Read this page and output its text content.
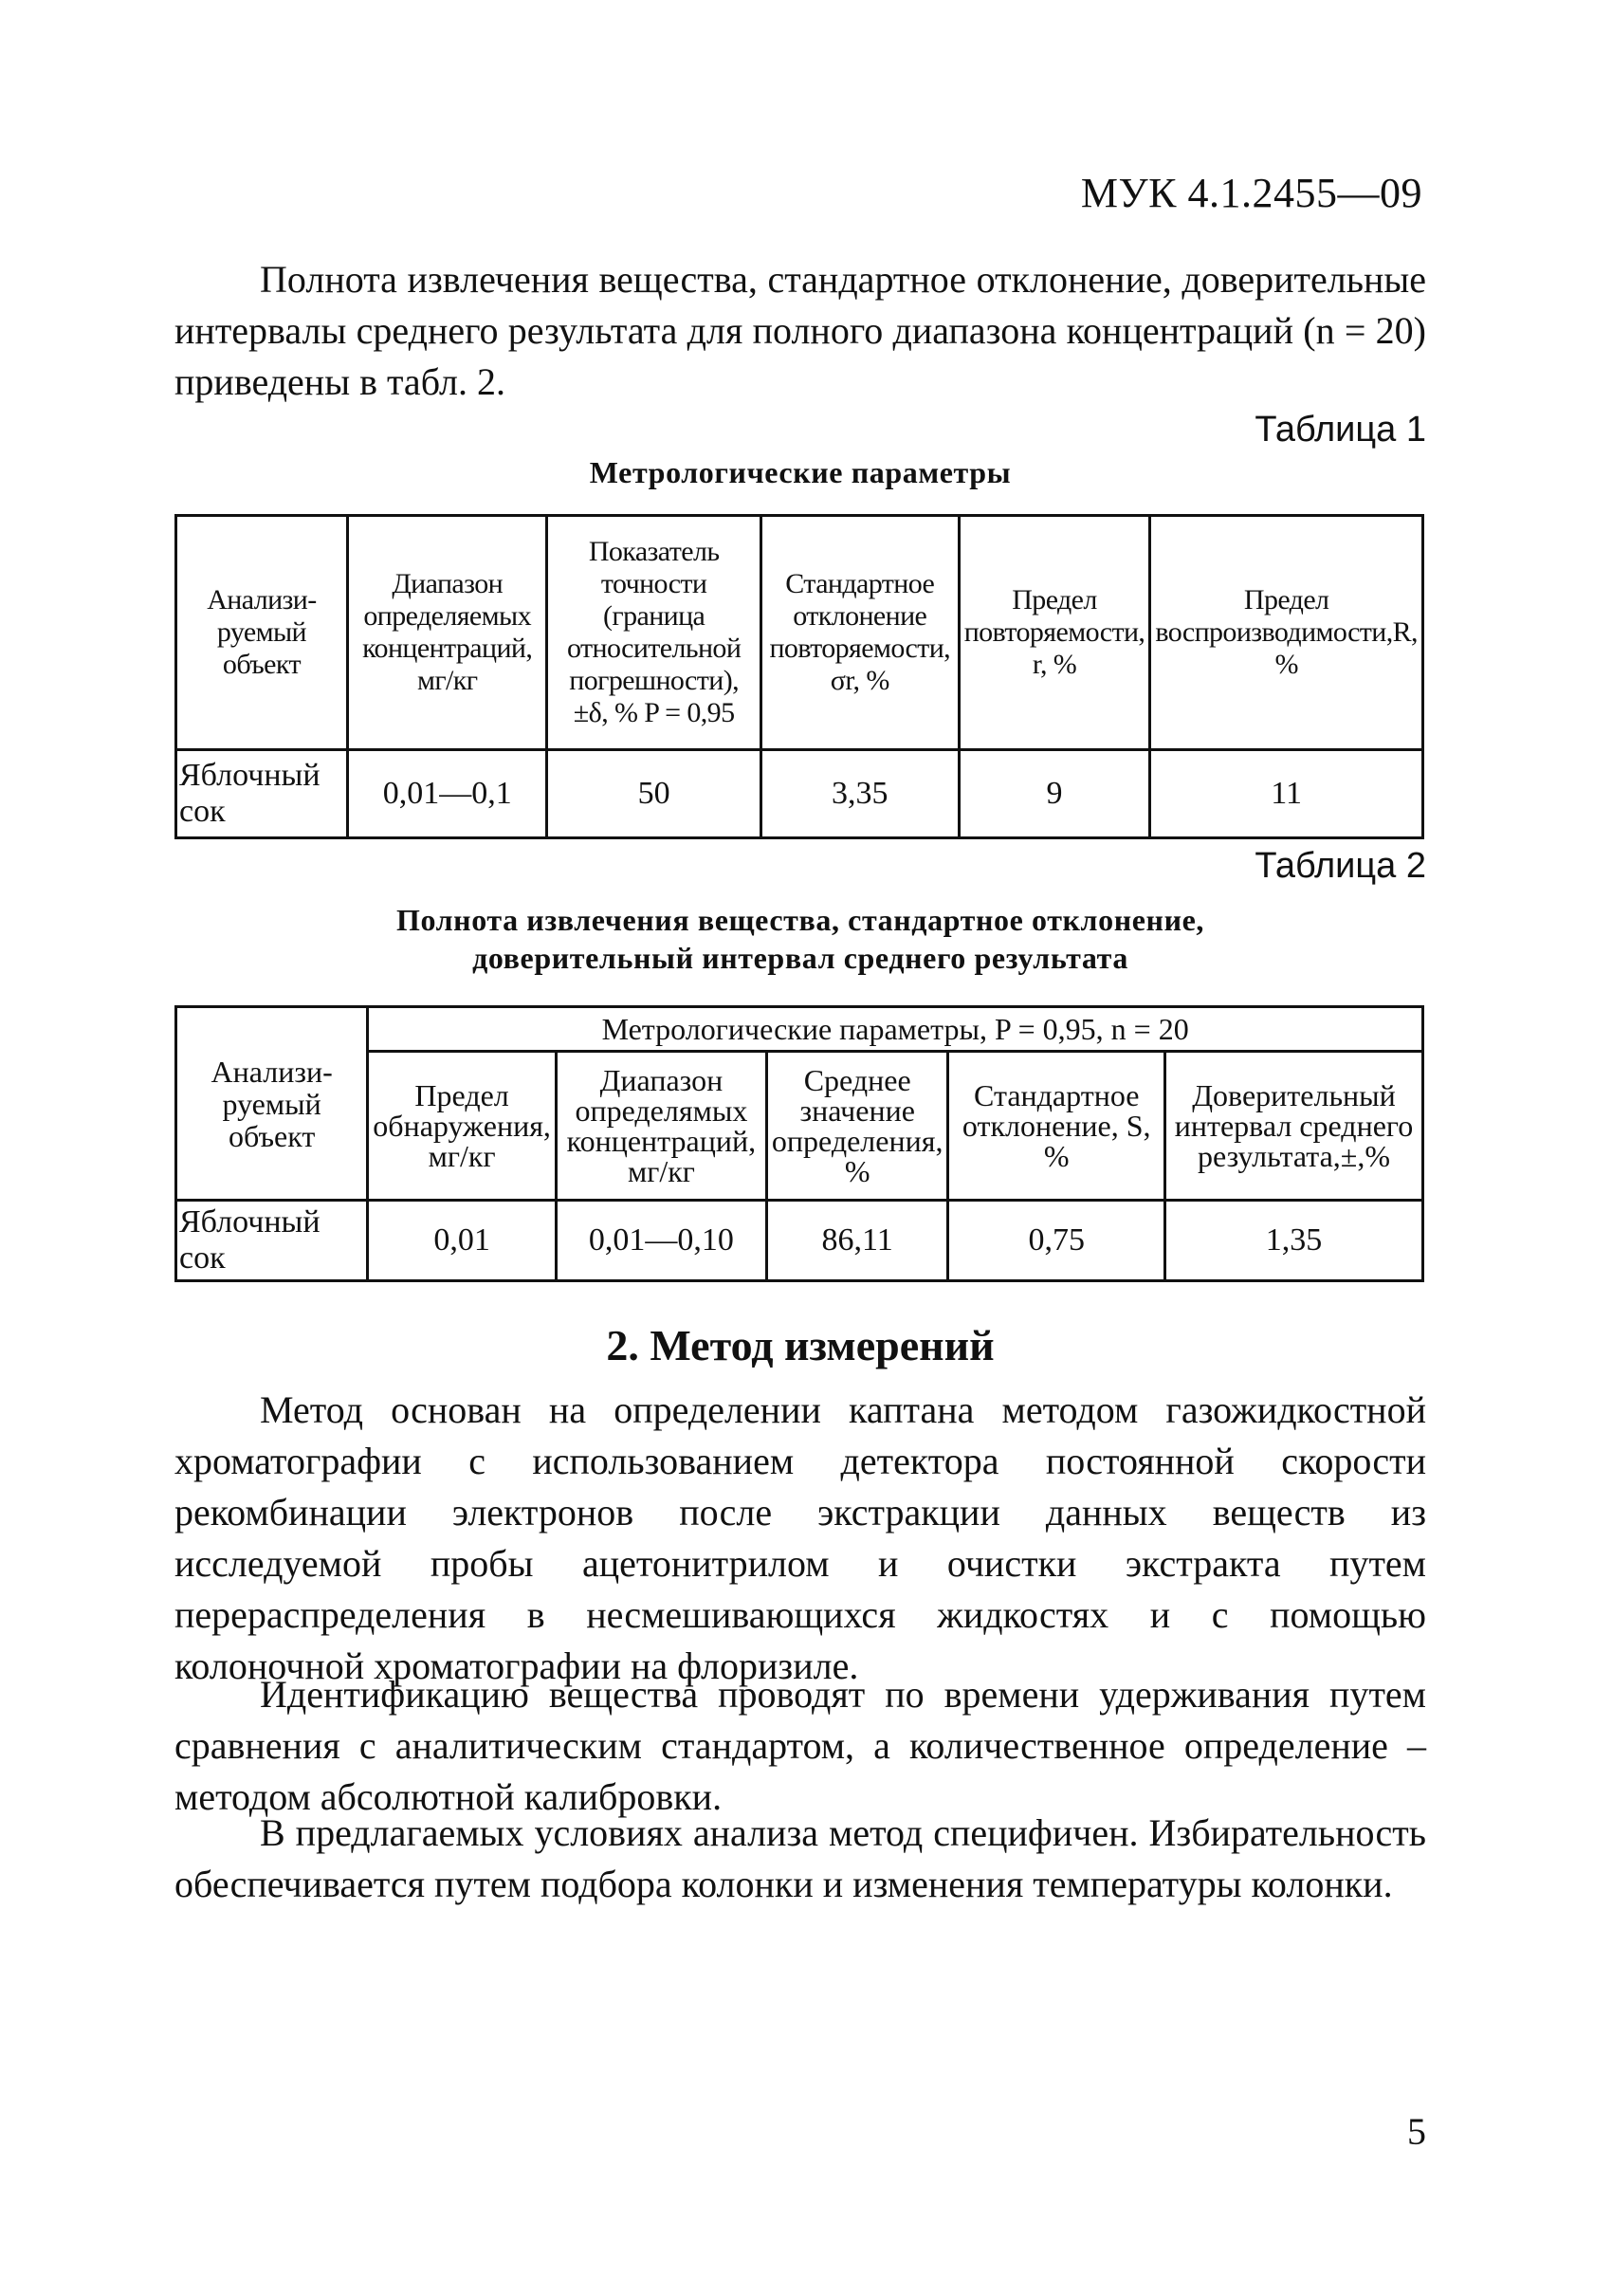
МУК 4.1.2455—09

Полнота извлечения вещества, стандартное отклонение, доверительные интервалы среднего результата для полного диапазона концентраций (n = 20) приведены в табл. 2.

Таблица 1
Метрологические параметры
Анализи-руемый объект	Диапазон определяемых концентраций, мг/кг	Показатель точности (граница относительной погрешности), ±δ, % P = 0,95	Стандартное отклонение повторяемости, σr, %	Предел повторяемости, r, %	Предел воспроизводимости,R, %
Яблочный сок	0,01—0,1	50	3,35	9	11
Таблица 2
Полнота извлечения вещества, стандартное отклонение,
доверительный интервал среднего результата
Анализи-руемый объект	Метрологические параметры, P = 0,95, n = 20				
	Предел обнаружения, мг/кг	Диапазон определямых концентраций, мг/кг	Среднее значение определения, %	Стандартное отклонение, S, %	Доверительный интервал среднего результата,±,%
Яблочный сок	0,01	0,01—0,10	86,11	0,75	1,35
2. Метод измерений

Метод основан на определении каптана методом газожидкостной хроматографии с использованием детектора постоянной скорости рекомбинации электронов после экстракции данных веществ из исследуемой пробы ацетонитрилом и очистки экстракта путем перераспределения в несмешивающихся жидкостях и с помощью колоночной хроматографии на флоризиле.

Идентификацию вещества проводят по времени удерживания путем сравнения с аналитическим стандартом, а количественное определение – методом абсолютной калибровки.

В предлагаемых условиях анализа метод специфичен. Избирательность обеспечивается путем подбора колонки и изменения температуры колонки.

5
